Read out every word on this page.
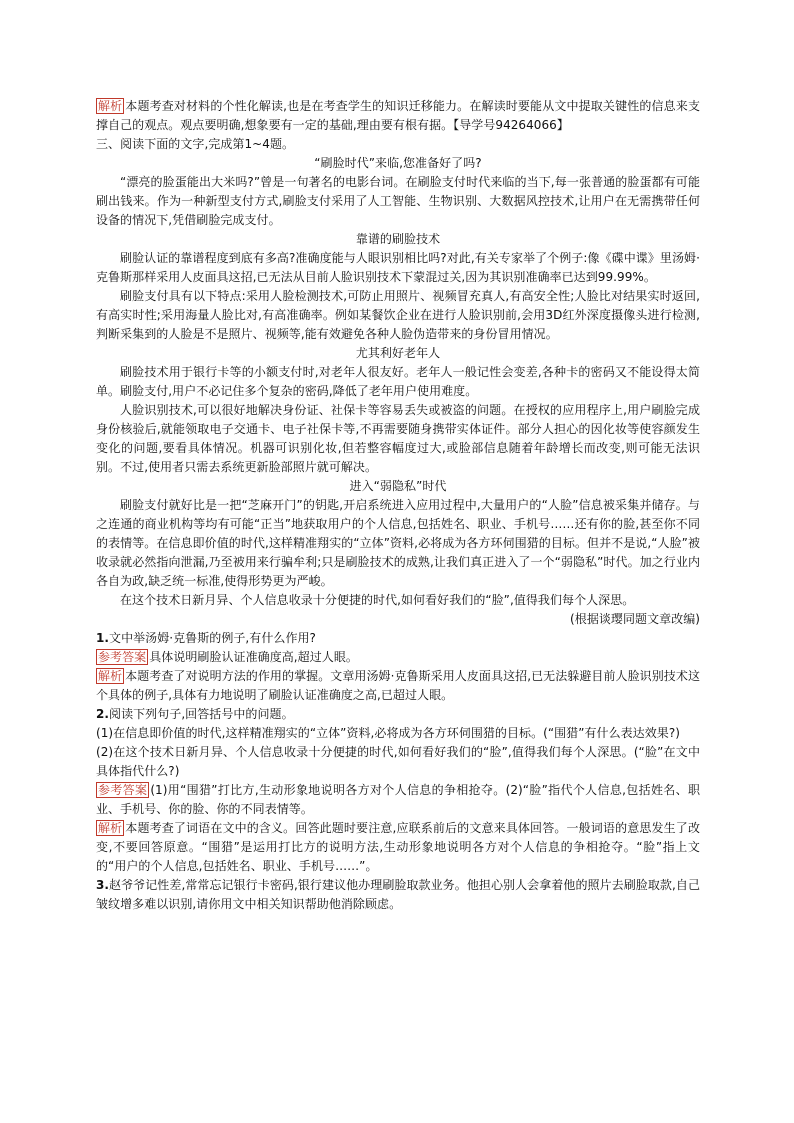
解析 本题考查对材料的个性化解读,也是在考查学生的知识迁移能力。在解读时要能从文中提取关键性的信息来支撑自己的观点。观点要明确,想象要有一定的基础,理由要有根有据。【导学号94264066】

三、阅读下面的文字,完成第1~4题。

“刷脸时代”来临,您准备好了吗?

“漂亮的脸蛋能出大米吗?”曾是一句著名的电影台词。在刷脸支付时代来临的当下,每一张普通的脸蛋都有可能刷出钱来。作为一种新型支付方式,刷脸支付采用了人工智能、生物识别、大数据风控技术,让用户在无需携带任何设备的情况下,凭借刷脸完成支付。

靠谱的刷脸技术

刷脸认证的靠谱程度到底有多高?准确度能与人眼识别相比吗?对此,有关专家举了个例子:像《碟中谍》里汤姆·克鲁斯那样采用人皮面具这招,已无法从目前人脸识别技术下蒙混过关,因为其识别准确率已达到99.99%。

刷脸支付具有以下特点:采用人脸检测技术,可防止用照片、视频冒充真人,有高安全性;人脸比对结果实时返回,有高实时性;采用海量人脸比对,有高准确率。例如某餐饮企业在进行人脸识别前,会用3D红外深度摄像头进行检测,判断采集到的人脸是不是照片、视频等,能有效避免各种人脸伪造带来的身份冒用情况。

尤其利好老年人

刷脸技术用于银行卡等的小额支付时,对老年人很友好。老年人一般记性会变差,各种卡的密码又不能设得太简单。刷脸支付,用户不必记住多个复杂的密码,降低了老年用户使用难度。

人脸识别技术,可以很好地解决身份证、社保卡等容易丢失或被盗的问题。在授权的应用程序上,用户刷脸完成身份核验后,就能领取电子交通卡、电子社保卡等,不再需要随身携带实体证件。部分人担心的因化妆等使容颜发生变化的问题,要看具体情况。机器可识别化妆,但若整容幅度过大,或脸部信息随着年龄增长而改变,则可能无法识别。不过,使用者只需去系统更新脸部照片就可解决。

进入“弱隐私”时代

刷脸支付就好比是一把“芝麻开门”的钥匙,开启系统进入应用过程中,大量用户的“人脸”信息被采集并储存。与之连通的商业机构等均有可能“正当”地获取用户的个人信息,包括姓名、职业、手机号……还有你的脸,甚至你不同的表情等。在信息即价值的时代,这样精准翔实的“立体”资料,必将成为各方环伺围猎的目标。但并不是说,“人脸”被收录就必然指向泄漏,乃至被用来行骗牟利;只是刷脸技术的成熟,让我们真正进入了一个“弱隐私”时代。加之行业内各自为政,缺乏统一标准,使得形势更为严峻。

在这个技术日新月异、个人信息收录十分便捷的时代,如何看好我们的“脸”,值得我们每个人深思。

(根据谈璎同题文章改编)

1.文中举汤姆·克鲁斯的例子,有什么作用?

参考答案 具体说明刷脸认证准确度高,超过人眼。

解析 本题考查了对说明方法的作用的掌握。文章用汤姆·克鲁斯采用人皮面具这招,已无法躲避目前人脸识别技术这个具体的例子,具体有力地说明了刷脸认证准确度之高,已超过人眼。

2.阅读下列句子,回答括号中的问题。

(1)在信息即价值的时代,这样精准翔实的“立体”资料,必将成为各方环伺围猎的目标。(“围猎”有什么表达效果?)

(2)在这个技术日新月异、个人信息收录十分便捷的时代,如何看好我们的“脸”,值得我们每个人深思。(“脸”在文中具体指代什么?)

参考答案 (1)用“围猎”打比方,生动形象地说明各方对个人信息的争相抢夺。(2)“脸”指代个人信息,包括姓名、职业、手机号、你的脸、你的不同表情等。

解析 本题考查了词语在文中的含义。回答此题时要注意,应联系前后的文意来具体回答。一般词语的意思发生了改变,不要回答原意。“围猎”是运用打比方的说明方法,生动形象地说明各方对个人信息的争相抢夺。“脸”指上文的“用户的个人信息,包括姓名、职业、手机号……”。

3.赵爷爷记性差,常常忘记银行卡密码,银行建议他办理刷脸取款业务。他担心别人会拿着他的照片去刷脸取款,自己皱纹增多难以识别,请你用文中相关知识帮助他消除顾虑。
